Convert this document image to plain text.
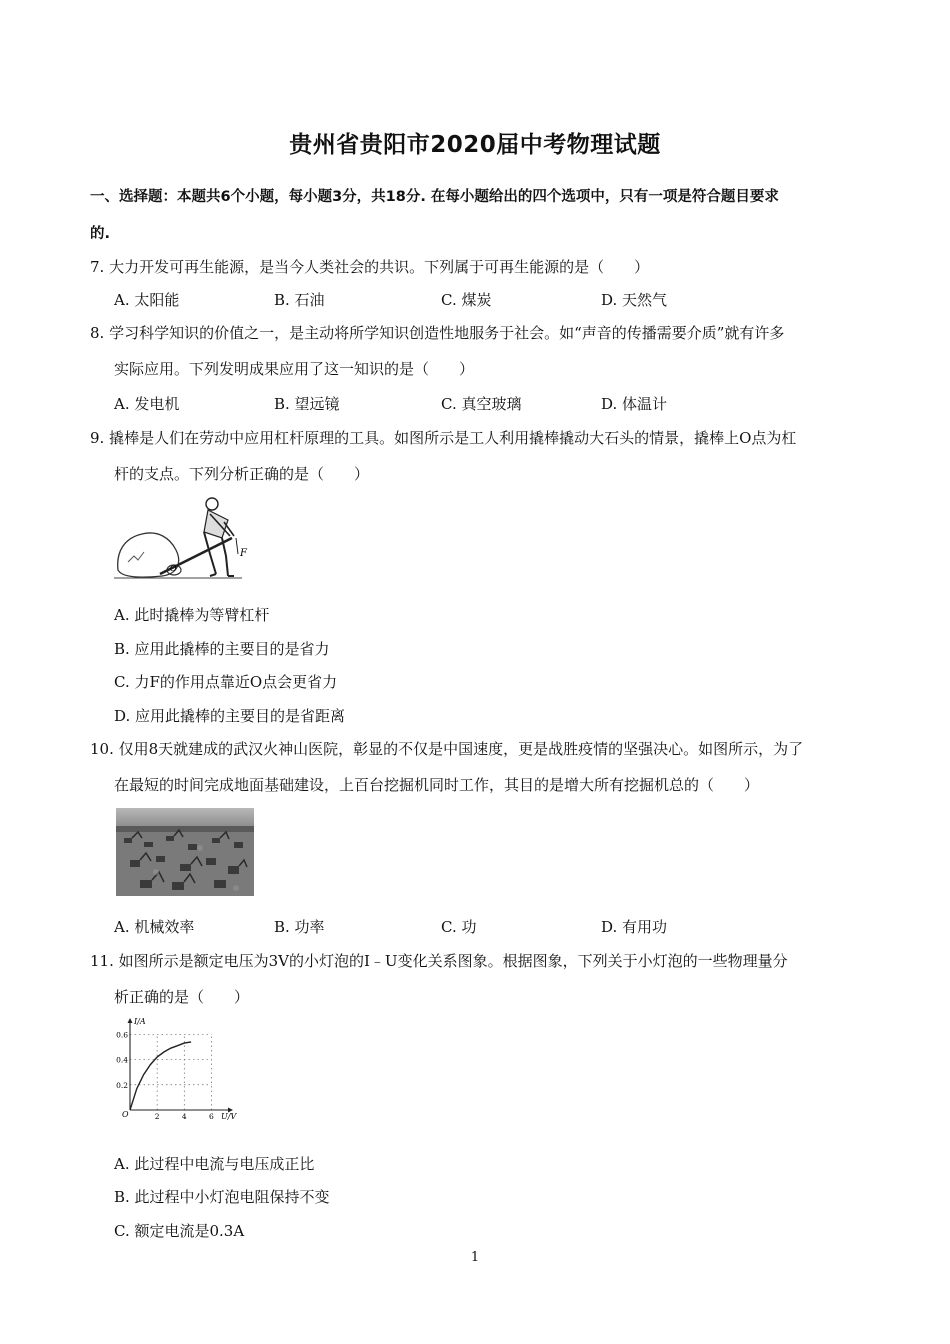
贵州省贵阳市2020届中考物理试题
一、选择题：本题共6个小题，每小题3分，共18分. 在每小题给出的四个选项中，只有一项是符合题目要求
的.
7. 大力开发可再生能源，是当今人类社会的共识。下列属于可再生能源的是（　　）
A. 太阳能	B. 石油	C. 煤炭	D. 天然气
8. 学习科学知识的价值之一，是主动将所学知识创造性地服务于社会。如“声音的传播需要介质”就有许多
实际应用。下列发明成果应用了这一知识的是（　　）
A. 发电机	B. 望远镜	C. 真空玻璃	D. 体温计
9. 撬棒是人们在劳动中应用杠杆原理的工具。如图所示是工人利用撬棒撬动大石头的情景，撬棒上O点为杠
杆的支点。下列分析正确的是（　　）
O
F
A. 此时撬棒为等臂杠杆
B. 应用此撬棒的主要目的是省力
C. 力F的作用点靠近O点会更省力
D. 应用此撬棒的主要目的是省距离
10. 仅用8天就建成的武汉火神山医院，彰显的不仅是中国速度，更是战胜疫情的坚强决心。如图所示，为了
在最短的时间完成地面基础建设，上百台挖掘机同时工作，其目的是增大所有挖掘机总的（　　）
A. 机械效率	B. 功率	C. 功	D. 有用功
11. 如图所示是额定电压为3V的小灯泡的I﹣U变化关系图象。根据图象，下列关于小灯泡的一些物理量分
析正确的是（　　）
0.2
0.4
0.6
2	4	6
O
I/A
U/V
A. 此过程中电流与电压成正比
B. 此过程中小灯泡电阻保持不变
C. 额定电流是0.3A
1
